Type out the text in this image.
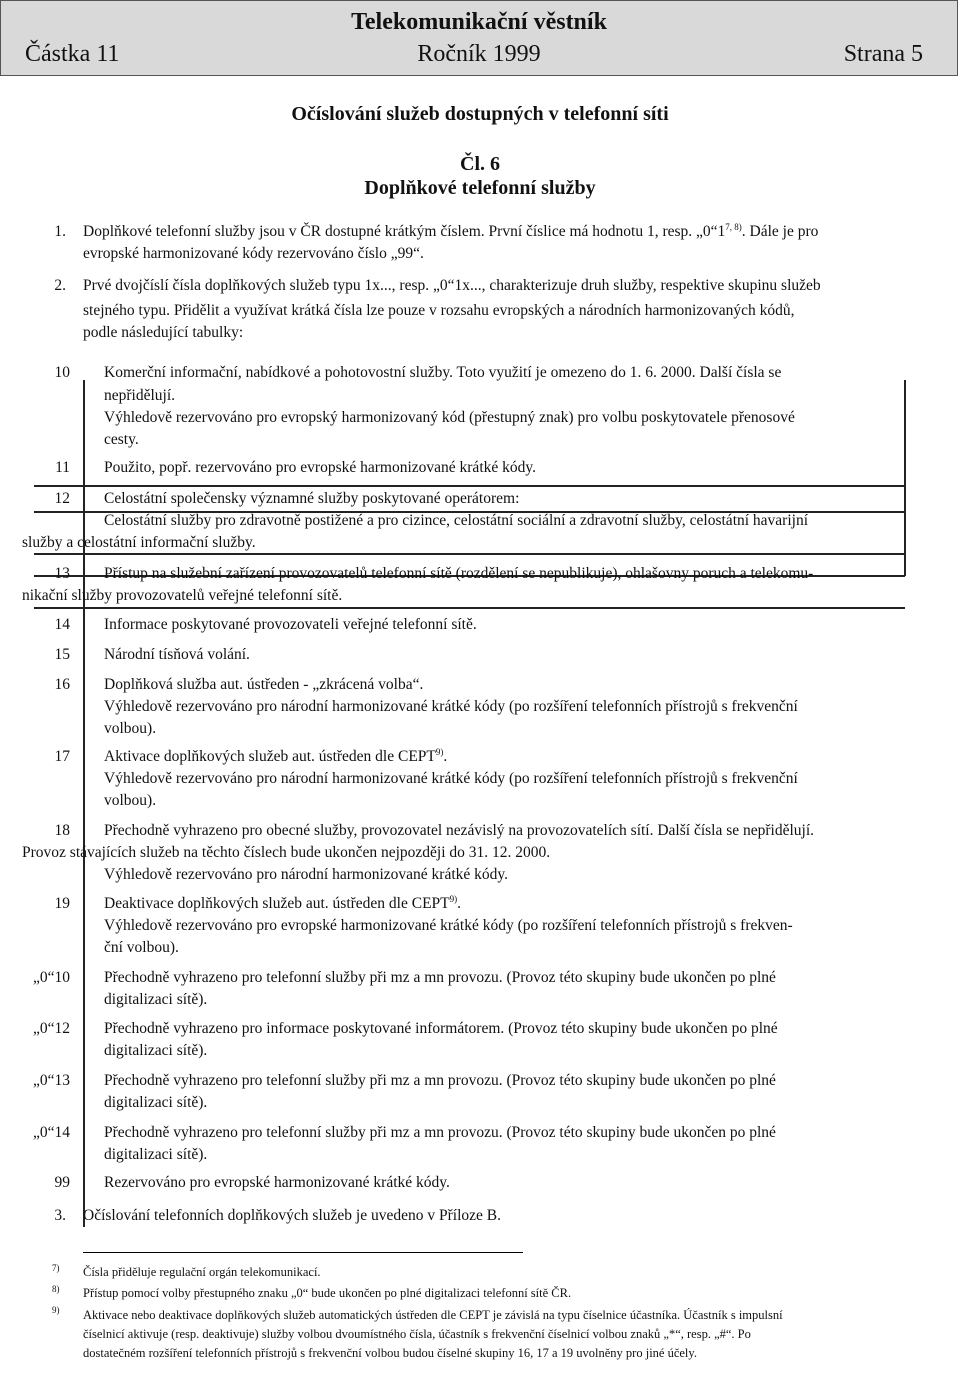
Telekomunikační věstník
Částka 11	Ročník 1999	Strana 5
Očíslování služeb dostupných v telefonní síti
Čl. 6
Doplňkové telefonní služby
1. Doplňkové telefonní služby jsou v ČR dostupné krátkým číslem. První číslice má hodnotu 1, resp. „0“1$^{7, 8)}$. Dále je pro
evropské harmonizované kódy rezervováno číslo „99“.
2. Prvé dvojčíslí čísla doplňkových služeb typu 1x..., resp. „0“1x..., charakterizuje druh služby, respektive skupinu služeb
stejného typu. Přidělit a využívat krátká čísla lze pouze v rozsahu evropských a národních harmonizovaných kódů,
podle následující tabulky:
10 Komerční informační, nabídkové a pohotovostní služby. Toto využití je omezeno do 1. 6. 2000. Další čísla se
nepřidělují.
Výhledově rezervováno pro evropský harmonizovaný kód (přestupný znak) pro volbu poskytovatele přenosové
cesty.
11 Použito, popř. rezervováno pro evropské harmonizované krátké kódy.
12 Celostátní společensky významné služby poskytované operátorem:
Celostátní služby pro zdravotně postižené a pro cizince, celostátní sociální a zdravotní služby, celostátní havarijní
služby a celostátní informační služby.
13 Přístup na služební zařízení provozovatelů telefonní sítě (rozdělení se nepublikuje), ohlašovny poruch a telekomu-
nikační služby provozovatelů veřejné telefonní sítě.
14 Informace poskytované provozovateli veřejné telefonní sítě.
15 Národní tísňová volání.
16 Doplňková služba aut. ústředen - „zkrácená volba“.
Výhledově rezervováno pro národní harmonizované krátké kódy (po rozšíření telefonních přístrojů s frekvenční
volbou).
17 Aktivace doplňkových služeb aut. ústředen dle CEPT$^{9)}$.
Výhledově rezervováno pro národní harmonizované krátké kódy (po rozšíření telefonních přístrojů s frekvenční
volbou).
18 Přechodně vyhrazeno pro obecné služby, provozovatel nezávislý na provozovatelích sítí. Další čísla se nepřidělují.
Provoz stávajících služeb na těchto číslech bude ukončen nejpozději do 31. 12. 2000.
Výhledově rezervováno pro národní harmonizované krátké kódy.
19 Deaktivace doplňkových služeb aut. ústředen dle CEPT$^{9)}$.
Výhledově rezervováno pro evropské harmonizované krátké kódy (po rozšíření telefonních přístrojů s frekven-
ční volbou).
„0“10 Přechodně vyhrazeno pro telefonní služby při mz a mn provozu. (Provoz této skupiny bude ukončen po plné
digitalizaci sítě).
„0“12 Přechodně vyhrazeno pro informace poskytované informátorem. (Provoz této skupiny bude ukončen po plné
digitalizaci sítě).
„0“13 Přechodně vyhrazeno pro telefonní služby při mz a mn provozu. (Provoz této skupiny bude ukončen po plné
digitalizaci sítě).
„0“14 Přechodně vyhrazeno pro telefonní služby při mz a mn provozu. (Provoz této skupiny bude ukončen po plné
digitalizaci sítě).
99 Rezervováno pro evropské harmonizované krátké kódy.
3. Očíslování telefonních doplňkových služeb je uvedeno v Příloze B.
7) Čísla přiděluje regulační orgán telekomunikací.
8) Přístup pomocí volby přestupného znaku „0“ bude ukončen po plné digitalizaci telefonní sítě ČR.
9) Aktivace nebo deaktivace doplňkových služeb automatických ústředen dle CEPT je závislá na typu číselnice účastníka. Účastník s impulsní
číselnicí aktivuje (resp. deaktivuje) služby volbou dvoumístného čísla, účastník s frekvenční číselnicí volbou znaků „*“, resp. „#“. Po
dostatečném rozšíření telefonních přístrojů s frekvenční volbou budou číselné skupiny 16, 17 a 19 uvolněny pro jiné účely.
